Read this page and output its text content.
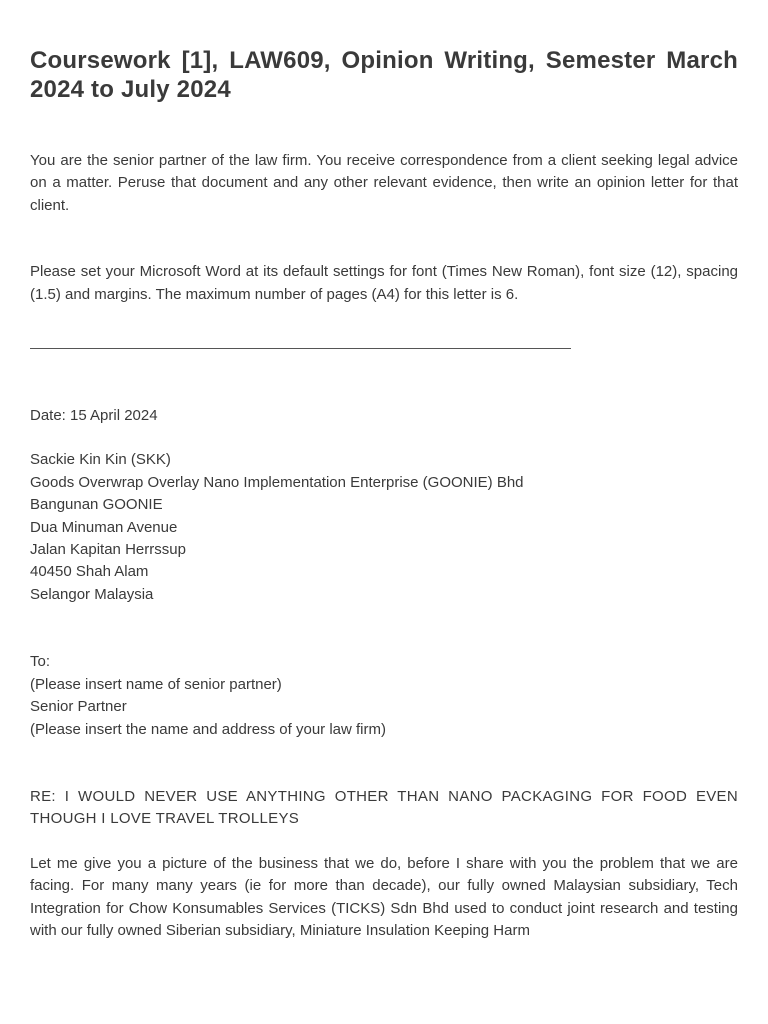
Coursework [1], LAW609, Opinion Writing, Semester March 2024 to July 2024

You are the senior partner of the law firm. You receive correspondence from a client seeking legal advice on a matter. Peruse that document and any other relevant evidence, then write an opinion letter for that client.

Please set your Microsoft Word at its default settings for font (Times New Roman), font size (12), spacing (1.5) and margins. The maximum number of pages (A4) for this letter is 6.

Date: 15 April 2024

Sackie Kin Kin (SKK)
Goods Overwrap Overlay Nano Implementation Enterprise (GOONIE) Bhd
Bangunan GOONIE
Dua Minuman Avenue
Jalan Kapitan Herrssup
40450 Shah Alam
Selangor Malaysia
To:
(Please insert name of senior partner)
Senior Partner
(Please insert the name and address of your law firm)

RE: I WOULD NEVER USE ANYTHING OTHER THAN NANO PACKAGING FOR FOOD EVEN THOUGH I LOVE TRAVEL TROLLEYS

Let me give you a picture of the business that we do, before I share with you the problem that we are facing. For many many years (ie for more than decade), our fully owned Malaysian subsidiary, Tech Integration for Chow Konsumables Services (TICKS) Sdn Bhd used to conduct joint research and testing with our fully owned Siberian subsidiary, Miniature Insulation Keeping Harm
